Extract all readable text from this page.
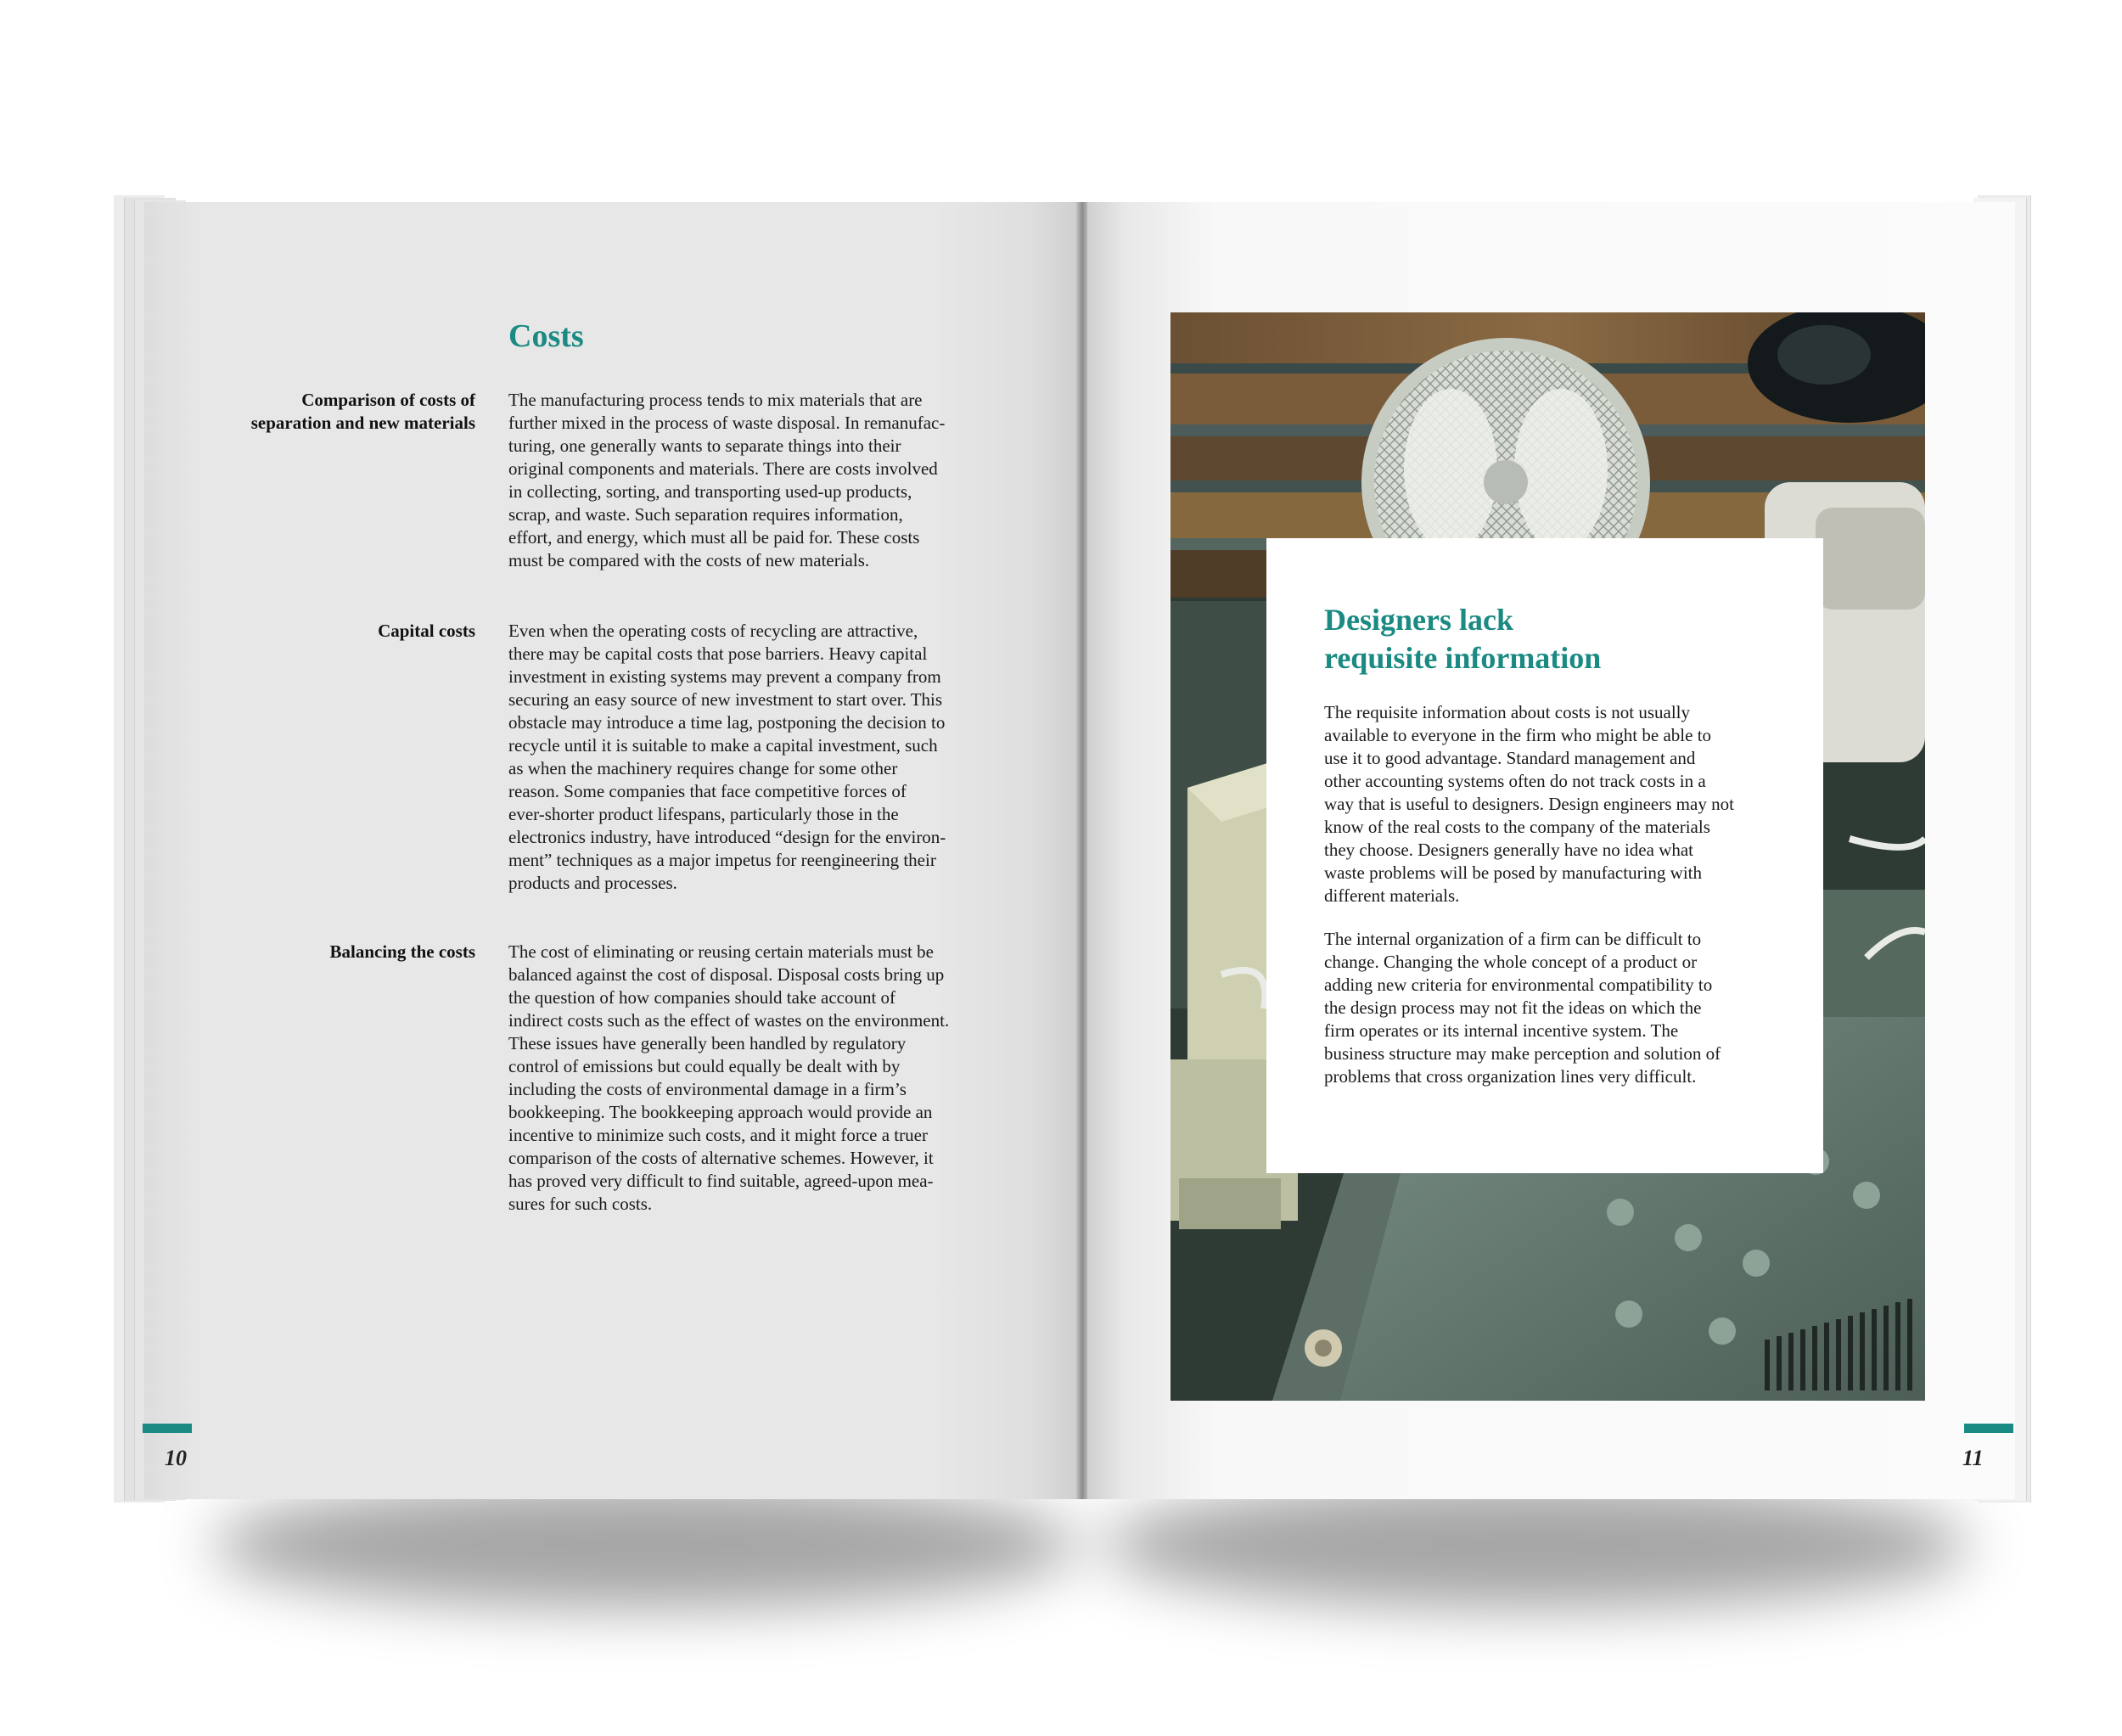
Costs
Comparison of costs of
separation and new materials
The manufacturing process tends to mix materials that are
further mixed in the process of waste disposal. In remanufac-
turing, one generally wants to separate things into their
original components and materials. There are costs involved
in collecting, sorting, and transporting used-up products,
scrap, and waste. Such separation requires information,
effort, and energy, which must all be paid for. These costs
must be compared with the costs of new materials.
Capital costs Even when the operating costs of recycling are attractive,
there may be capital costs that pose barriers. Heavy capital
investment in existing systems may prevent a company from
securing an easy source of new investment to start over. This
obstacle may introduce a time lag, postponing the decision to
recycle until it is suitable to make a capital investment, such
as when the machinery requires change for some other
reason. Some companies that face competitive forces of
ever-shorter product lifespans, particularly those in the
electronics industry, have introduced “design for the environ-
ment” techniques as a major impetus for reengineering their
products and processes.
Balancing the costs The cost of eliminating or reusing certain materials must be
balanced against the cost of disposal. Disposal costs bring up
the question of how companies should take account of
indirect costs such as the effect of wastes on the environment.
These issues have generally been handled by regulatory
control of emissions but could equally be dealt with by
including the costs of environmental damage in a firm’s
bookkeeping. The bookkeeping approach would provide an
incentive to minimize such costs, and it might force a truer
comparison of the costs of alternative schemes. However, it
has proved very difficult to find suitable, agreed-upon mea-
sures for such costs.
10
Designers lack
requisite information
The requisite information about costs is not usually
available to everyone in the firm who might be able to
use it to good advantage. Standard management and
other accounting systems often do not track costs in a
way that is useful to designers. Design engineers may not
know of the real costs to the company of the materials
they choose. Designers generally have no idea what
waste problems will be posed by manufacturing with
different materials.
The internal organization of a firm can be difficult to
change. Changing the whole concept of a product or
adding new criteria for environmental compatibility to
the design process may not fit the ideas on which the
firm operates or its internal incentive system. The
business structure may make perception and solution of
problems that cross organization lines very difficult.
11
